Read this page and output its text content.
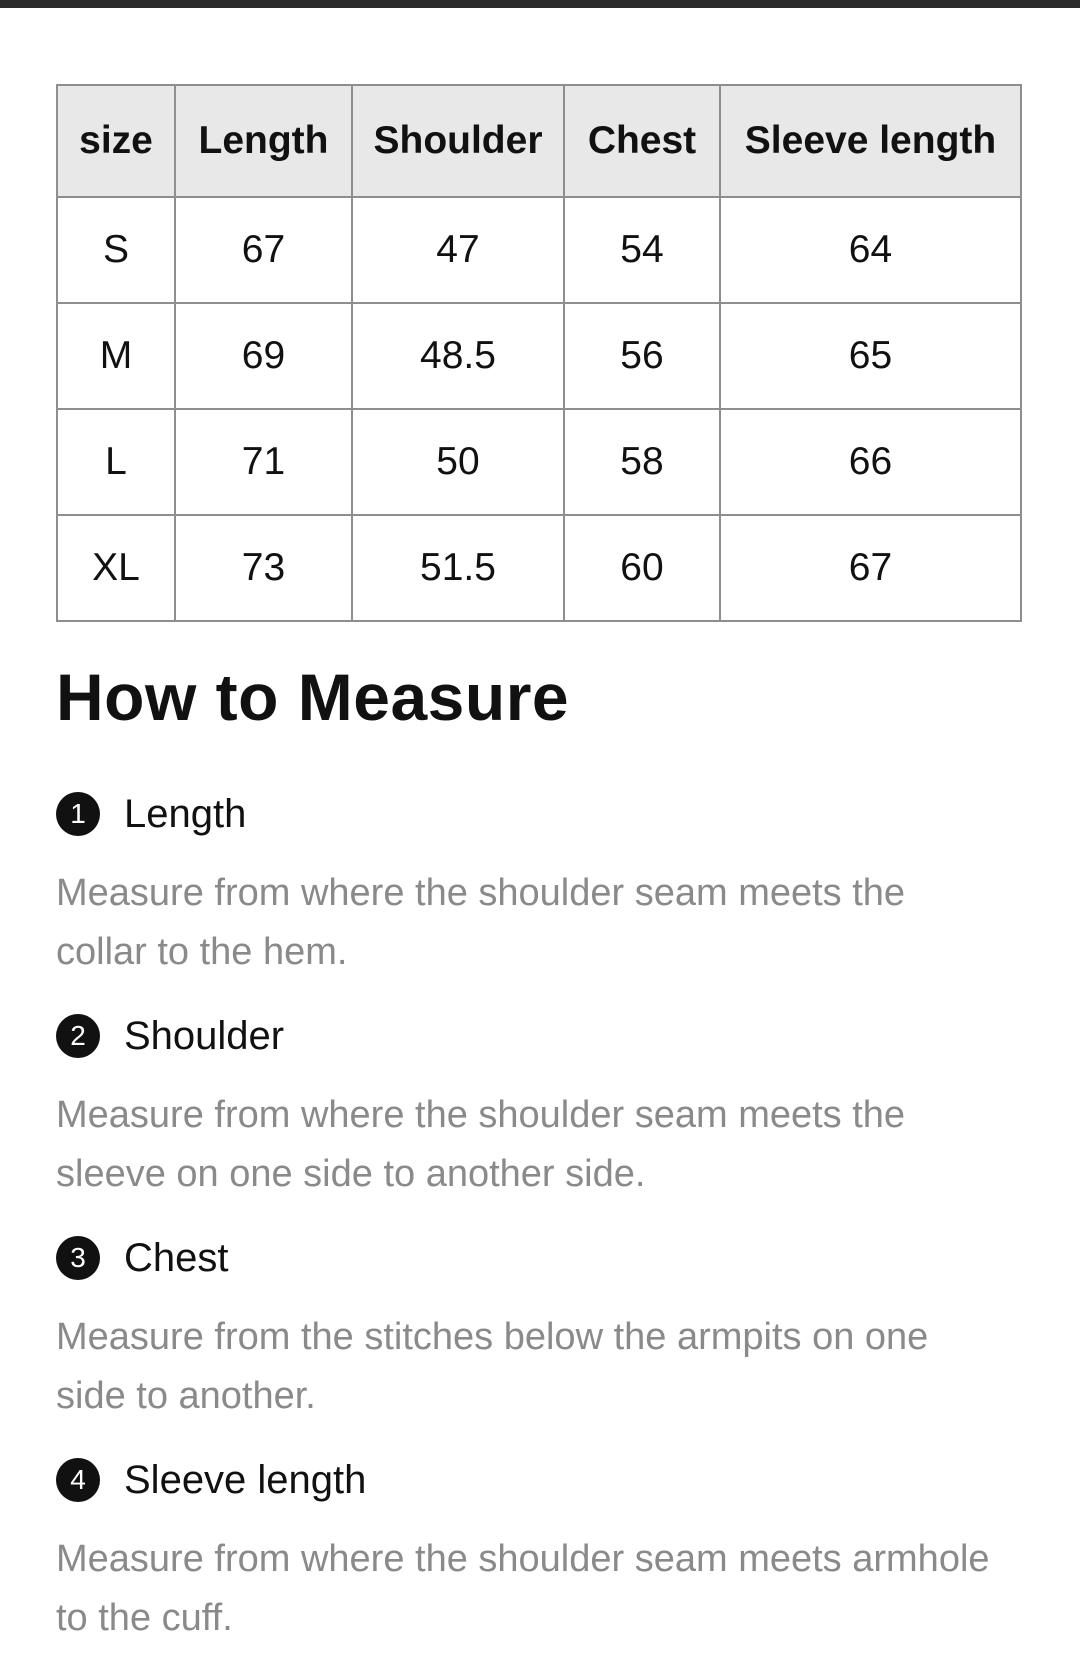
size	Length	Shoulder	Chest	Sleeve length
S	67	47	54	64
M	69	48.5	56	65
L	71	50	58	66
XL	73	51.5	60	67
How to Measure
1 Length
Measure from where the shoulder seam meets the collar to the hem.
2 Shoulder
Measure from where the shoulder seam meets the sleeve on one side to another side.
3 Chest
Measure from the stitches below the armpits on one side to another.
4 Sleeve length
Measure from where the shoulder seam meets armhole to the cuff.
